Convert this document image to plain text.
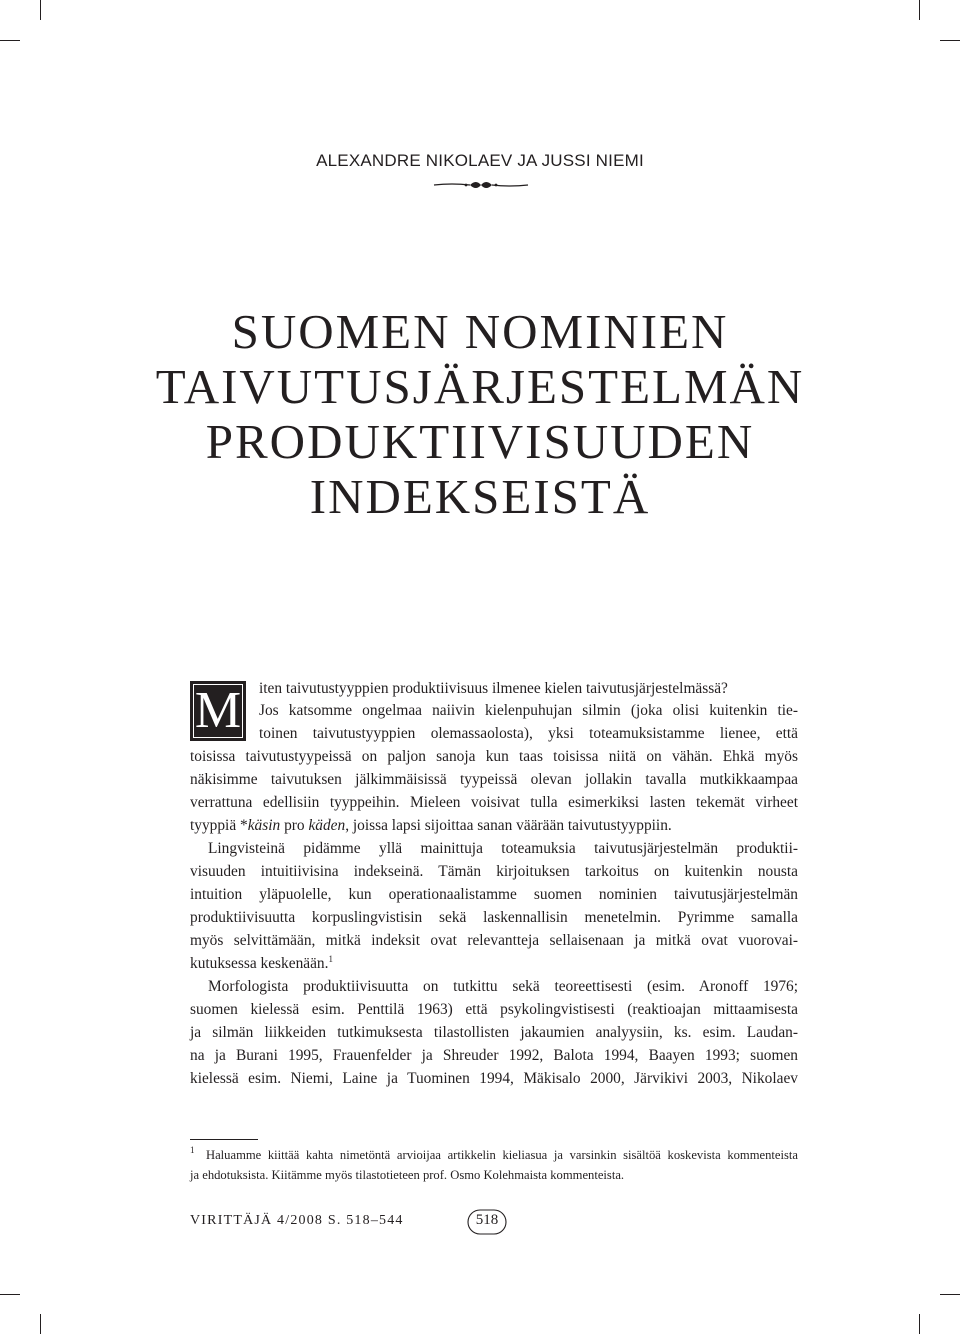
ALEXANDRE NIKOLAEV JA JUSSI NIEMI
SUOMEN NOMINIEN
TAIVUTUSJÄRJESTELMÄN
PRODUKTIIVISUUDEN
INDEKSEISTÄ
M	iten taivutustyyppien produktiivisuus ilmenee kielen taivutusjärjestelmässä?
Jos katsomme ongelmaa naiivin kielenpuhujan silmin (joka olisi kuitenkin tie-
toinen taivutustyyppien olemassaolosta), yksi toteamuksistamme lienee, että
toisissa taivutustyypeissä on paljon sanoja kun taas toisissa niitä on vähän. Ehkä myös
näkisimme taivutuksen jälkimmäisissä tyypeissä olevan jollakin tavalla mutkikkaampaa
verrattuna edellisiin tyyppeihin. Mieleen voisivat tulla esimerkiksi lasten tekemät virheet
tyyppiä *käsin pro käden, joissa lapsi sijoittaa sanan väärään taivutustyyppiin.
Lingvisteinä pidämme yllä mainittuja toteamuksia taivutusjärjestelmän produktii-
visuuden intuitiivisina indekseinä. Tämän kirjoituksen tarkoitus on kuitenkin nousta
intuition yläpuolelle, kun operationaalistamme suomen nominien taivutusjärjestelmän
produktiivisuutta korpuslingvistisin sekä laskennallisin menetelmin. Pyrimme samalla
myös selvittämään, mitkä indeksit ovat relevantteja sellaisenaan ja mitkä ovat vuorovai-
kutuksessa keskenään.$^1$
Morfologista produktiivisuutta on tutkittu sekä teoreettisesti (esim. Aronoff 1976;
suomen kielessä esim. Penttilä 1963) että psykolingvistisesti (reaktioajan mittaamisesta
ja silmän liikkeiden tutkimuksesta tilastollisten jakaumien analyysiin, ks. esim. Laudan-
na ja Burani 1995, Frauenfelder ja Shreuder 1992, Balota 1994, Baayen 1993; suomen
kielessä esim. Niemi, Laine ja Tuominen 1994, Mäkisalo 2000, Järvikivi 2003, Nikolaev
$^1$ Haluamme kiittää kahta nimetöntä arvioijaa artikkelin kieliasua ja varsinkin sisältöä koskevista kommenteista
ja ehdotuksista. Kiitämme myös tilastotieteen prof. Osmo Kolehmaista kommenteista.
VIRITTÄJÄ 4/2008 S. 518–544	518
